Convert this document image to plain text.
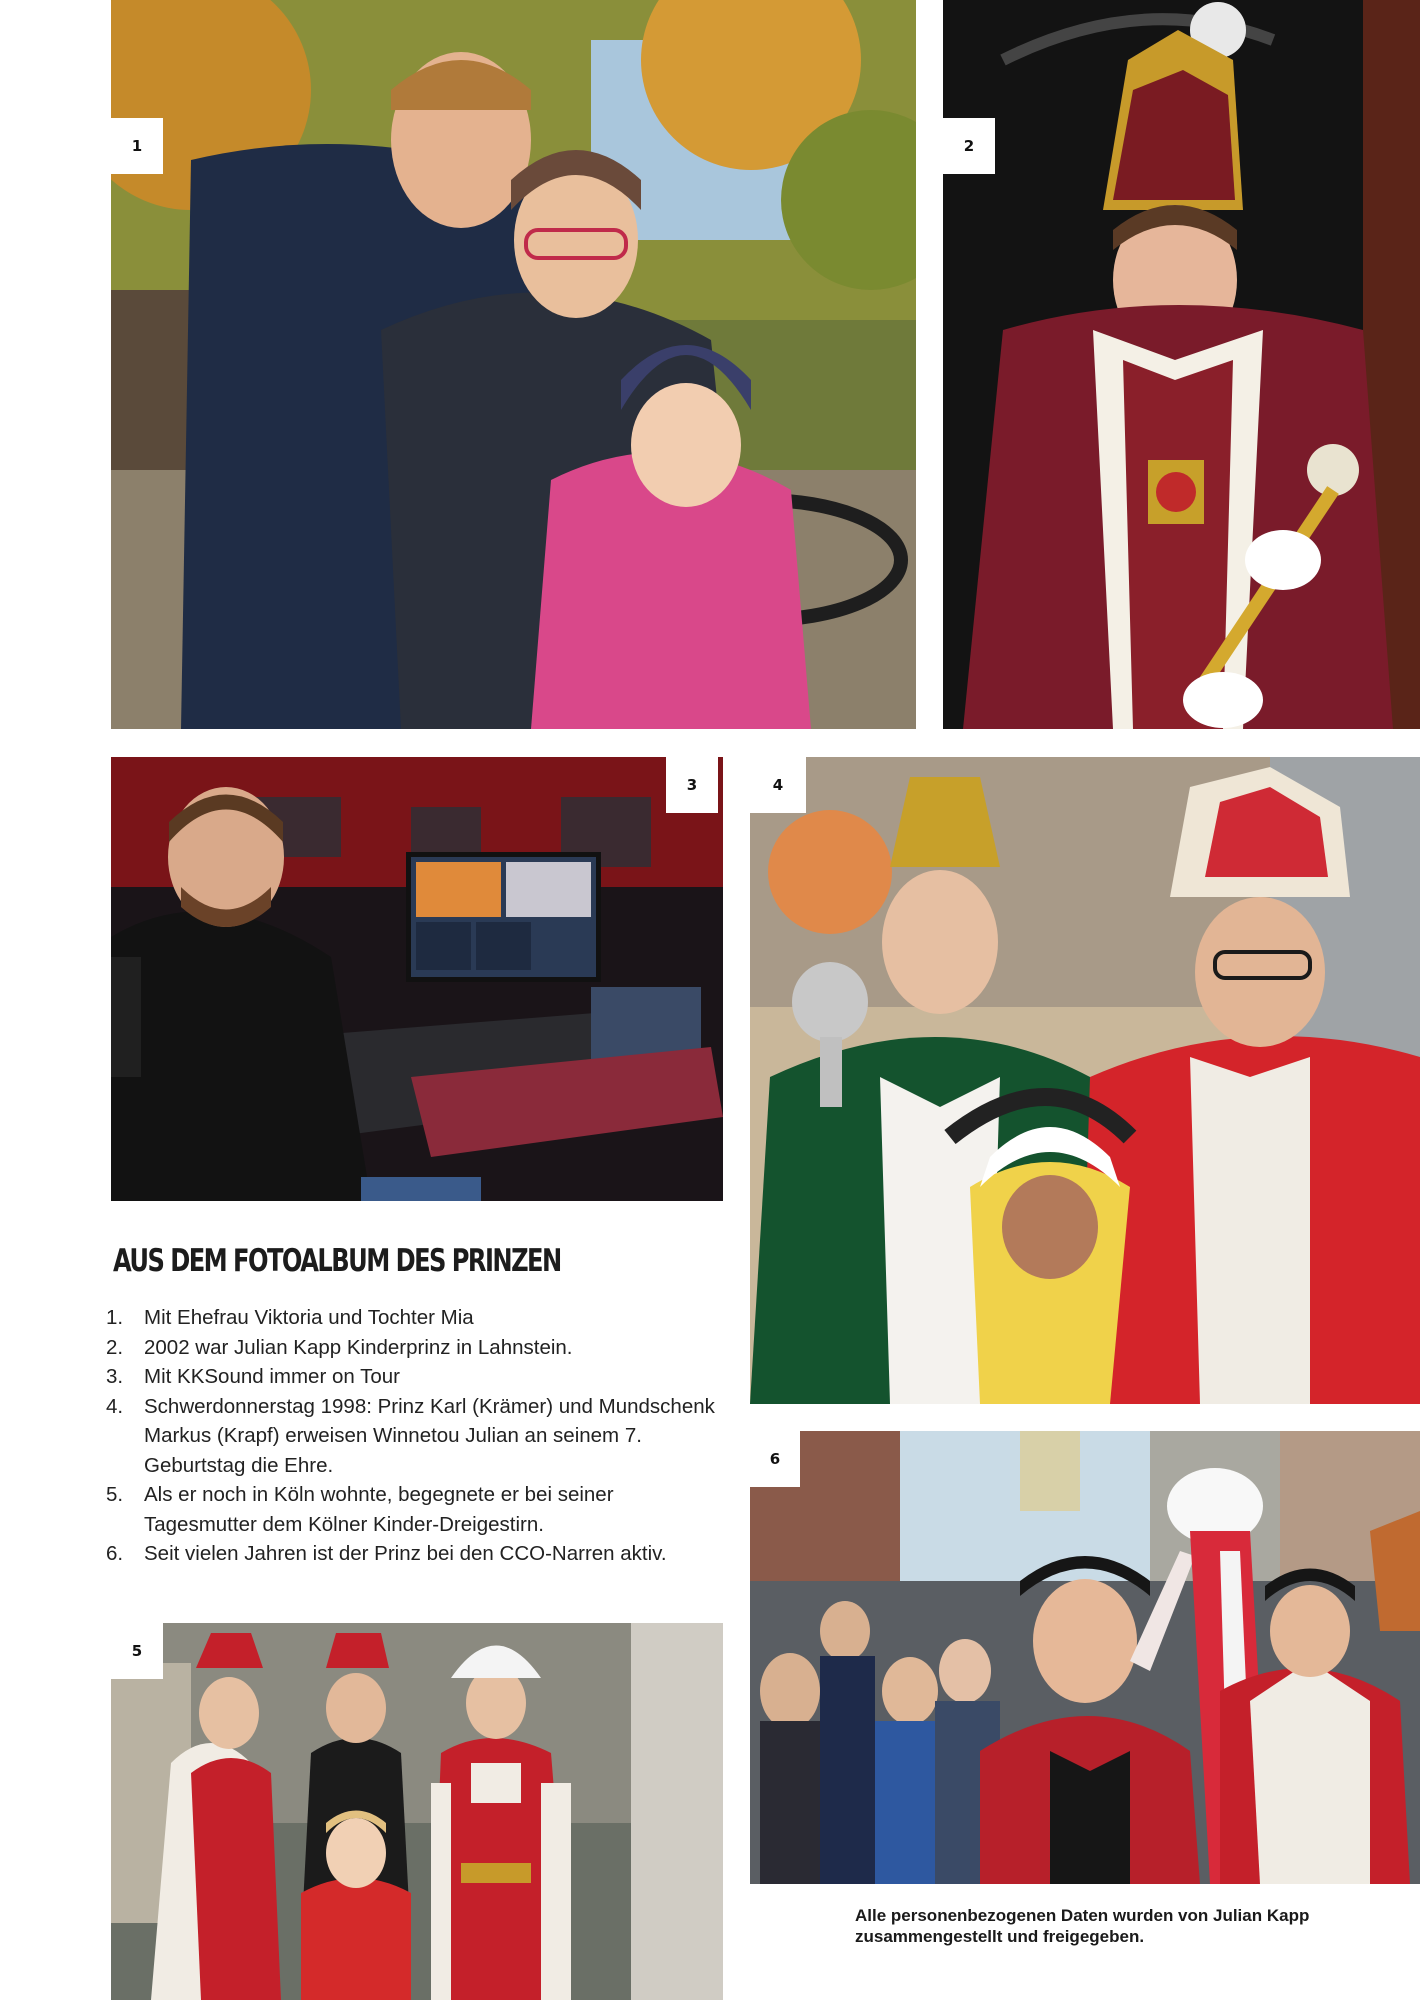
1	2
3	4
5
6
AUS DEM FOTOALBUM DES PRINZEN
1. Mit Ehefrau Viktoria und Tochter Mia
2. 2002 war Julian Kapp Kinderprinz in Lahnstein.
3. Mit KKSound immer on Tour
4. Schwerdonnerstag 1998: Prinz Karl (Krämer) und Mundschenk Markus (Krapf) erweisen Winnetou Julian an seinem 7. Geburtstag die Ehre.
5. Als er noch in Köln wohnte, begegnete er bei seiner Tagesmutter dem Kölner Kinder-Dreigestirn.
6. Seit vielen Jahren ist der Prinz bei den CCO-Narren aktiv.
Alle personenbezogenen Daten wurden von Julian Kapp zusammengestellt und freigegeben.
